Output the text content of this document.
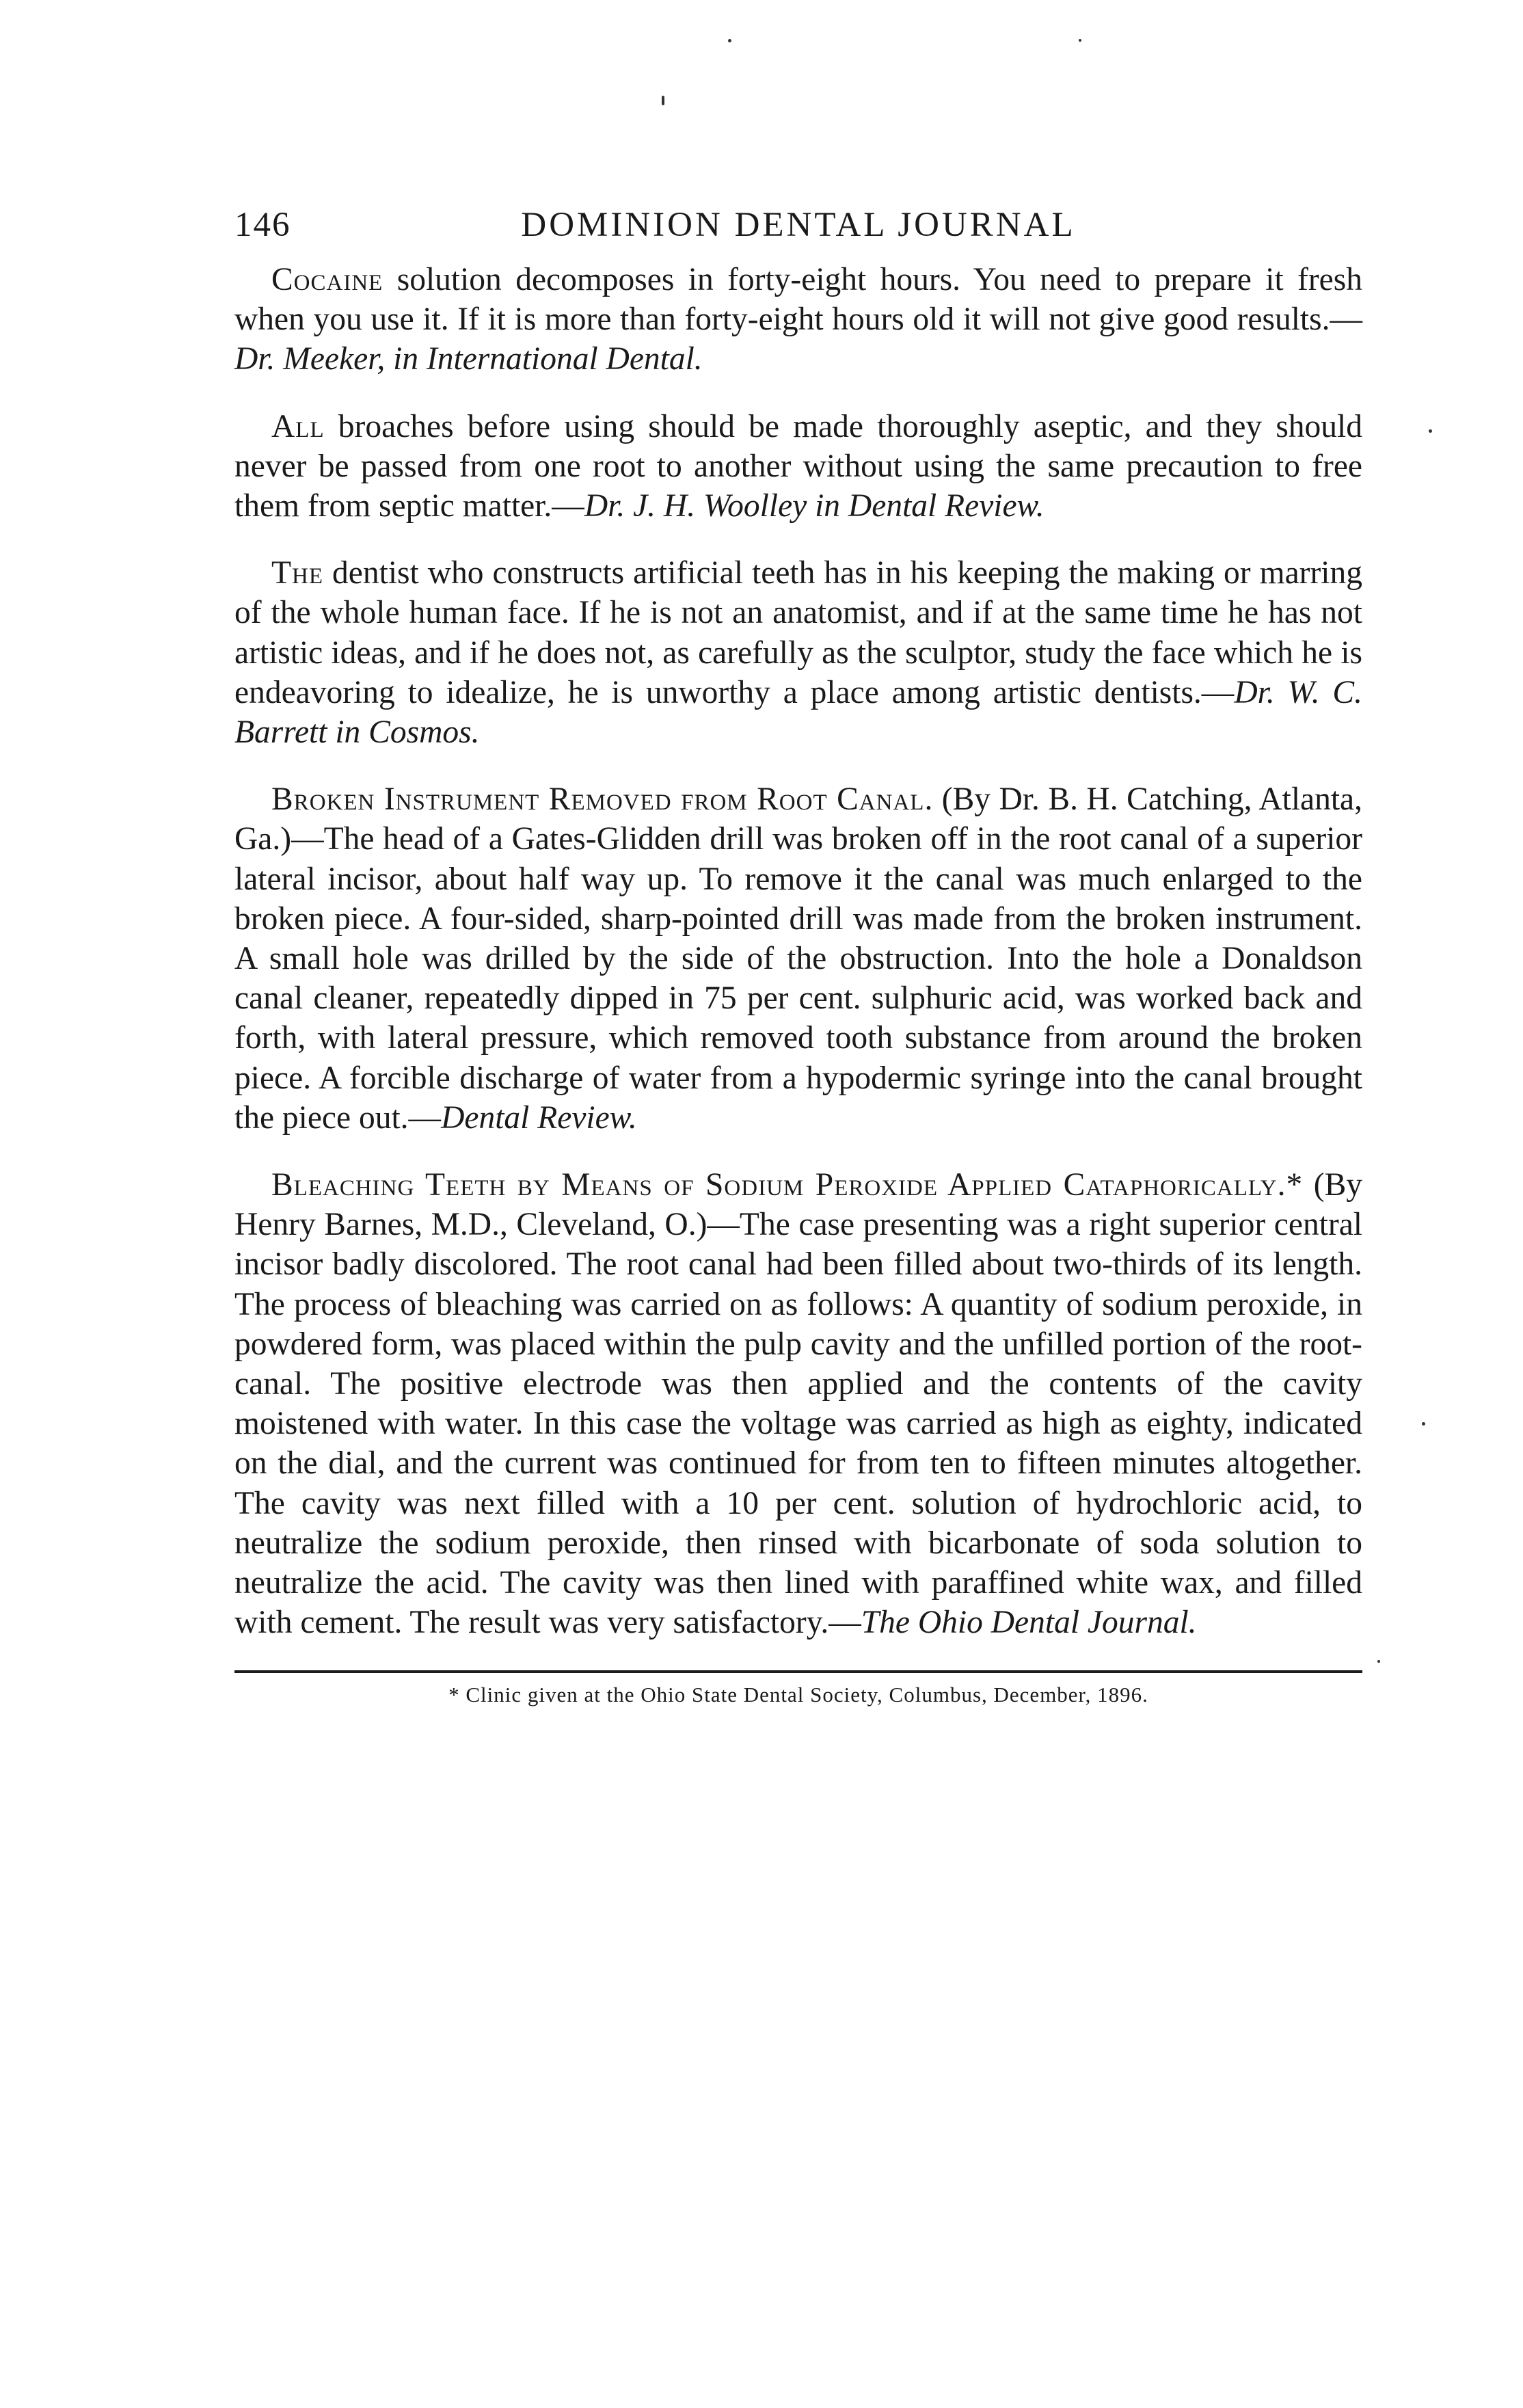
146	DOMINION DENTAL JOURNAL

Cocaine solution decomposes in forty-eight hours. You need to prepare it fresh when you use it. If it is more than forty-eight hours old it will not give good results.—Dr. Meeker, in International Dental.

All broaches before using should be made thoroughly aseptic, and they should never be passed from one root to another without using the same precaution to free them from septic matter.—Dr. J. H. Woolley in Dental Review.

The dentist who constructs artificial teeth has in his keeping the making or marring of the whole human face. If he is not an anatomist, and if at the same time he has not artistic ideas, and if he does not, as carefully as the sculptor, study the face which he is endeavoring to idealize, he is unworthy a place among artistic dentists.—Dr. W. C. Barrett in Cosmos.

Broken Instrument Removed from Root Canal. (By Dr. B. H. Catching, Atlanta, Ga.)—The head of a Gates-Glidden drill was broken off in the root canal of a superior lateral incisor, about half way up. To remove it the canal was much enlarged to the broken piece. A four-sided, sharp-pointed drill was made from the broken instrument. A small hole was drilled by the side of the obstruction. Into the hole a Donaldson canal cleaner, repeatedly dipped in 75 per cent. sulphuric acid, was worked back and forth, with lateral pressure, which removed tooth substance from around the broken piece. A forcible discharge of water from a hypodermic syringe into the canal brought the piece out.—Dental Review.

Bleaching Teeth by Means of Sodium Peroxide Applied Cataphorically.* (By Henry Barnes, M.D., Cleveland, O.)—The case presenting was a right superior central incisor badly discolored. The root canal had been filled about two-thirds of its length. The process of bleaching was carried on as follows: A quantity of sodium peroxide, in powdered form, was placed within the pulp cavity and the unfilled portion of the root-canal. The positive electrode was then applied and the contents of the cavity moistened with water. In this case the voltage was carried as high as eighty, indicated on the dial, and the current was continued for from ten to fifteen minutes altogether. The cavity was next filled with a 10 per cent. solution of hydrochloric acid, to neutralize the sodium peroxide, then rinsed with bicarbonate of soda solution to neutralize the acid. The cavity was then lined with paraffined white wax, and filled with cement. The result was very satisfactory.—The Ohio Dental Journal.

* Clinic given at the Ohio State Dental Society, Columbus, December, 1896.
